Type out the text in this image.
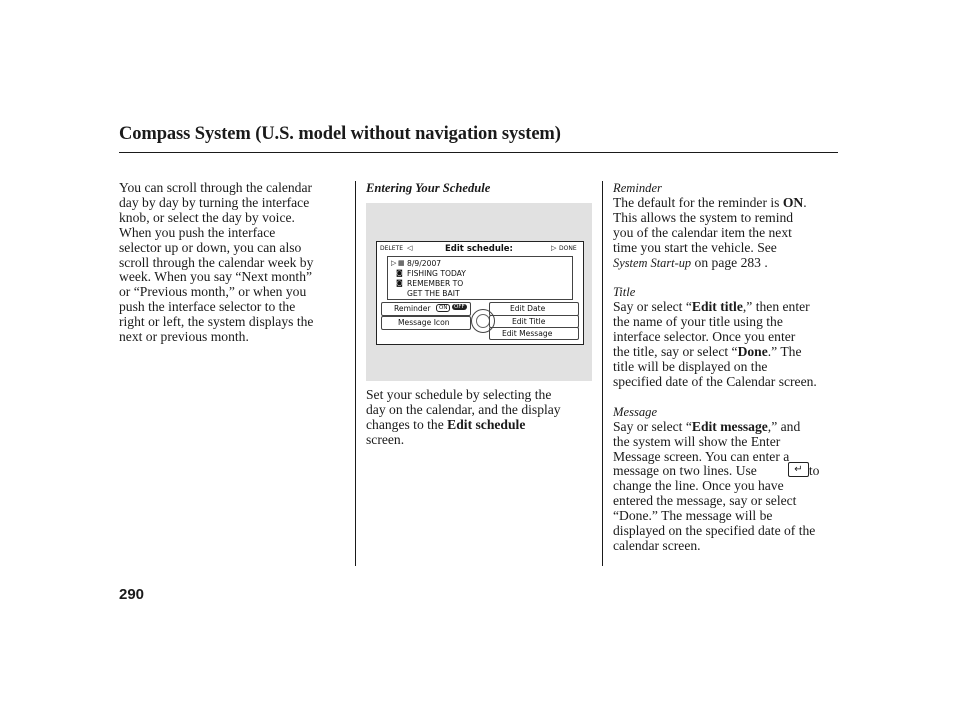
Compass System (U.S. model without navigation system)

You can scroll through the calendar

day by day by turning the interface

knob, or select the day by voice.

When you push the interface

selector up or down, you can also

scroll through the calendar week by

week. When you say “Next month”

or “Previous month,” or when you

push the interface selector to the

right or left, the system displays the

next or previous month.

Entering Your Schedule
DELETE ◁	Edit schedule:	▷ DONE
▷ ▦ 8/9/2007
◙ FISHING TODAY
◙ REMEMBER TO
GET THE BAIT
Reminder	ON	OFF
Message Icon
Edit Date
Edit Title
Edit Message

Set your schedule by selecting the

day on the calendar, and the display

changes to the Edit schedule

screen.

Reminder

The default for the reminder is ON.

This allows the system to remind

you of the calendar item the next

time you start the vehicle. See

System Start-up on page 283 .

Title

Say or select “Edit title,” then enter

the name of your title using the

interface selector. Once you enter

the title, say or select “Done.” The

title will be displayed on the

specified date of the Calendar screen.

Message

Say or select “Edit message,” and

the system will show the Enter

Message screen. You can enter a

message on two lines. Use	to

change the line. Once you have

entered the message, say or select

“Done.” The message will be

displayed on the specified date of the

calendar screen.

↵
290
